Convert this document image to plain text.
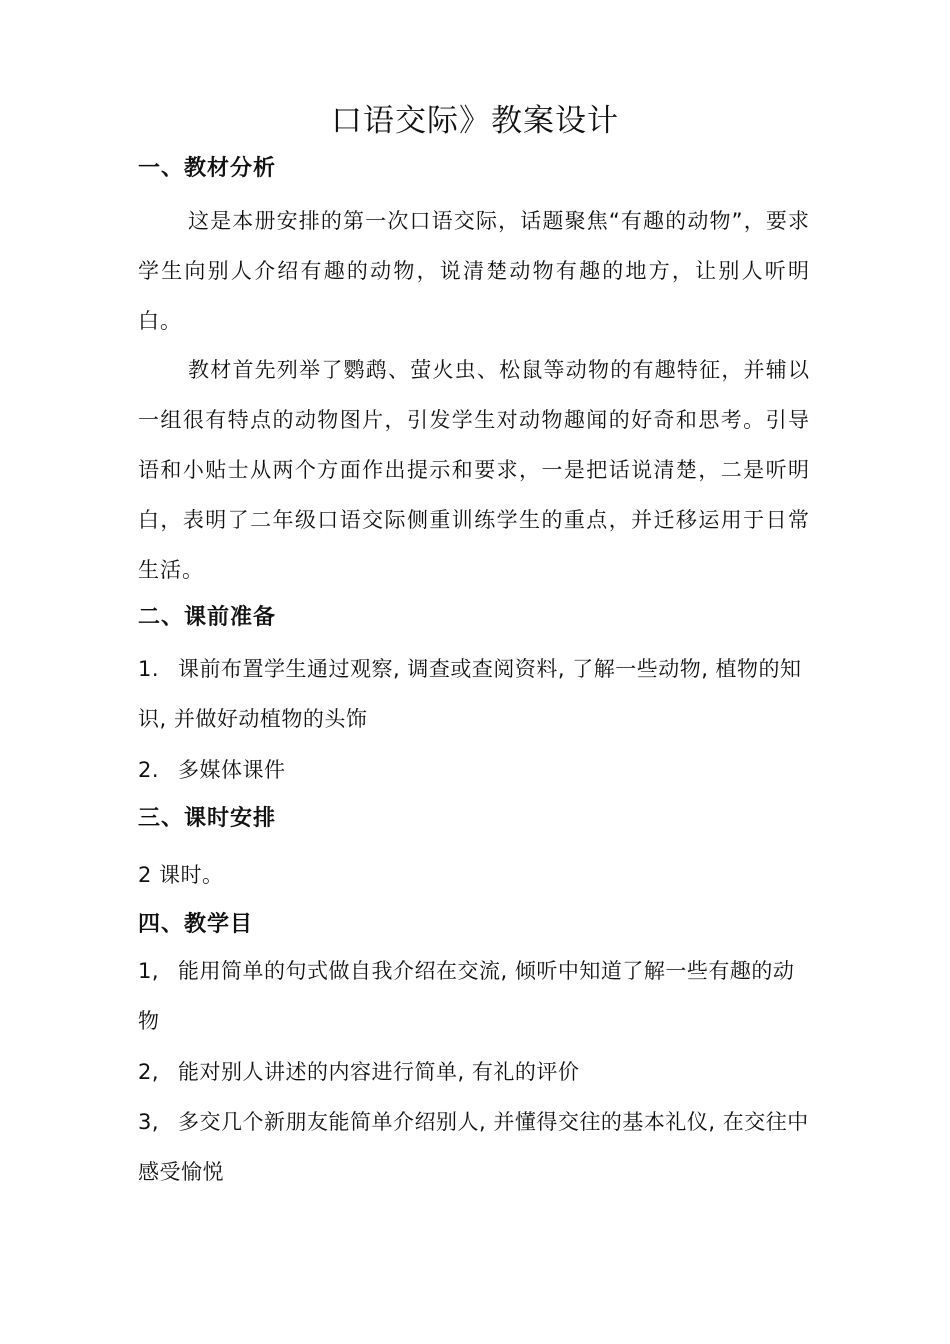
口语交际》教案设计
一、教材分析

这是本册安排的第一次口语交际，话题聚焦“有趣的动物”，要求学生向别人介绍有趣的动物，说清楚动物有趣的地方，让别人听明白。

教材首先列举了鹦鹉、萤火虫、松鼠等动物的有趣特征，并辅以一组很有特点的动物图片，引发学生对动物趣闻的好奇和思考。引导语和小贴士从两个方面作出提示和要求，一是把话说清楚，二是听明白，表明了二年级口语交际侧重训练学生的重点，并迁移运用于日常生活。

二、课前准备

1. 课前布置学生通过观察, 调查或查阅资料, 了解一些动物, 植物的知识, 并做好动植物的头饰

2. 多媒体课件

三、课时安排

2 课时。

四、教学目

1, 能用简单的句式做自我介绍在交流, 倾听中知道了解一些有趣的动物

2, 能对别人讲述的内容进行简单, 有礼的评价

3, 多交几个新朋友能简单介绍别人, 并懂得交往的基本礼仪, 在交往中感受愉悦
